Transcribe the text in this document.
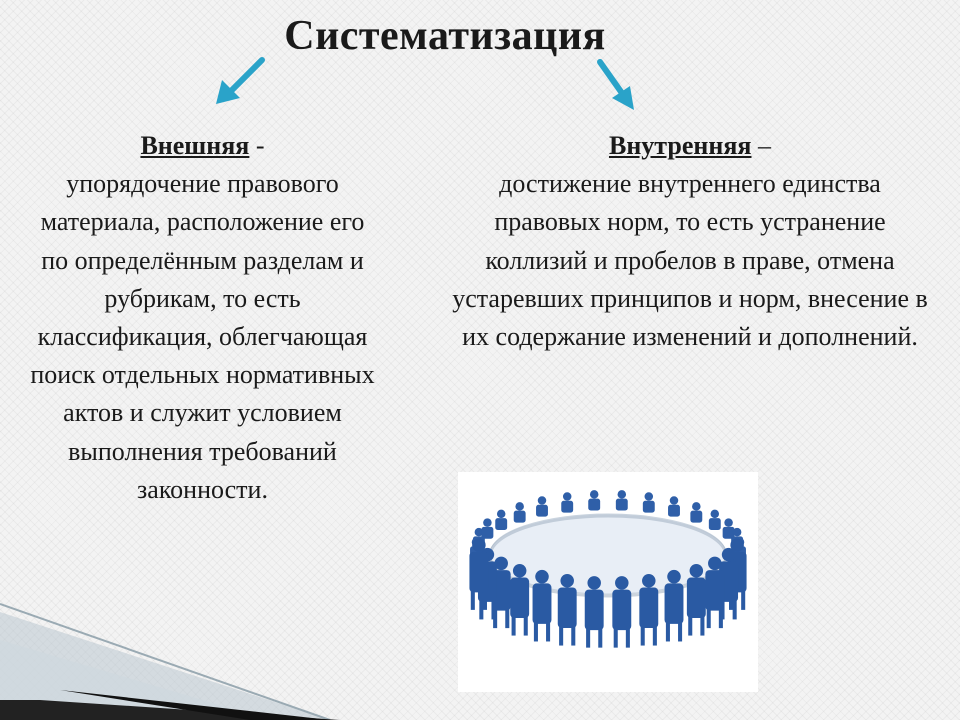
Систематизация
Внешняя -
упорядочение правового материала, расположение его по определённым разделам и рубрикам, то есть классификация, облегчающая поиск отдельных нормативных актов и служит условием выполнения требований законности.
Внутренняя –
достижение внутреннего единства правовых норм, то есть устранение коллизий и пробелов в праве, отмена устаревших принципов и норм, внесение в их содержание изменений и дополнений.
